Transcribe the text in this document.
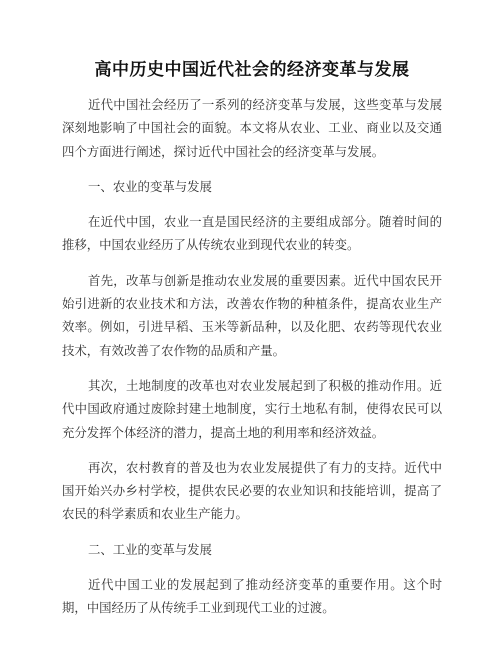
高中历史中国近代社会的经济变革与发展

近代中国社会经历了一系列的经济变革与发展，这些变革与发展深刻地影响了中国社会的面貌。本文将从农业、工业、商业以及交通四个方面进行阐述，探讨近代中国社会的经济变革与发展。

一、农业的变革与发展

在近代中国，农业一直是国民经济的主要组成部分。随着时间的推移，中国农业经历了从传统农业到现代农业的转变。

首先，改革与创新是推动农业发展的重要因素。近代中国农民开始引进新的农业技术和方法，改善农作物的种植条件，提高农业生产效率。例如，引进早稻、玉米等新品种，以及化肥、农药等现代农业技术，有效改善了农作物的品质和产量。

其次，土地制度的改革也对农业发展起到了积极的推动作用。近代中国政府通过废除封建土地制度，实行土地私有制，使得农民可以充分发挥个体经济的潜力，提高土地的利用率和经济效益。

再次，农村教育的普及也为农业发展提供了有力的支持。近代中国开始兴办乡村学校，提供农民必要的农业知识和技能培训，提高了农民的科学素质和农业生产能力。

二、工业的变革与发展

近代中国工业的发展起到了推动经济变革的重要作用。这个时期，中国经历了从传统手工业到现代工业的过渡。
